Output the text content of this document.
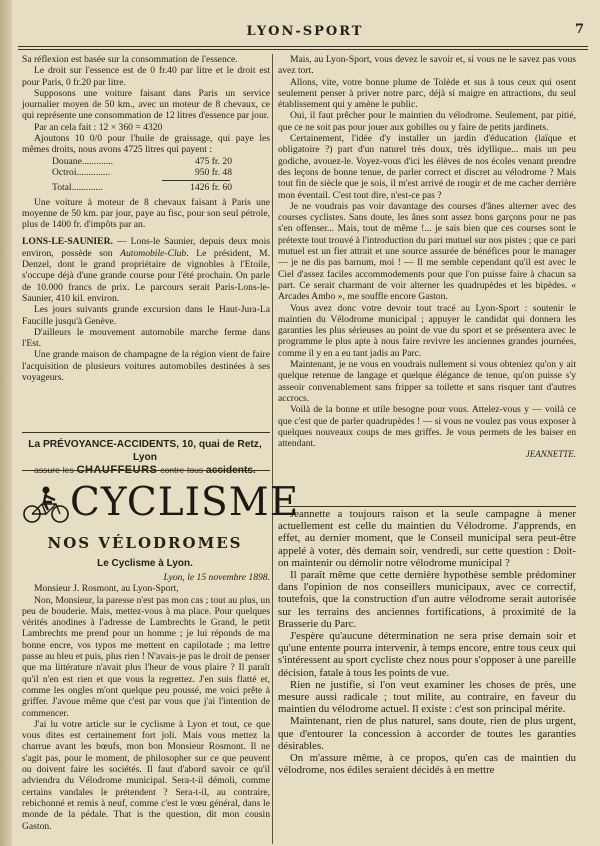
LYON-SPORT	7

Sa réflexion est basée sur la consommation de l'essence.

Le droit sur l'essence est de 0 fr.40 par litre et le droit est pour Paris, 0 fr.20 par litre.

Supposons une voiture faisant dans Paris un service journalier moyen de 50 km., avec un moteur de 8 chevaux, ce qui représente une consommation de 12 litres d'essence par jour.

Par an cela fait : 12 × 360 = 4320

Ajoutons 10 0/0 pour l'huile de graissage, qui paye les mêmes droits, nous avons 4725 litres qui payent :

Douane.............	475 fr. 20
Octroi..............	950 fr. 48
Total.............	1426 fr. 60

Une voiture à moteur de 8 chevaux faisant à Paris une moyenne de 50 km. par jour, paye au fisc, pour son seul pétrole, plus de 1400 fr. d'impôts par an.

LONS-LE-SAUNIER. — Lons-le Saunier, depuis deux mois environ, possède son Automobile-Club. Le président, M. Denzel, dont le grand propriétaire de vignobles à l'Etoile, s'occupe déjà d'une grande course pour l'été prochain. On parle de 10.000 francs de prix. Le parcours serait Paris-Lons-le-Saunier, 410 kil. environ.

Les jours suivants grande excursion dans le Haut-Jura-La Faucille jusqu'à Genève.

D'ailleurs le mouvement automobile marche ferme dans l'Est.

Une grande maison de champagne de la région vient de faire l'acquisition de plusieurs voitures automobiles destinées à ses voyageurs.

La PRÉVOYANCE-ACCIDENTS, 10, quai de Retz, Lyon
assure les CHAUFFEURS contre tous accidents.
CYCLISME
NOS VÉLODROMES
Le Cyclisme à Lyon.
Lyon, le 15 novembre 1898.

Monsieur J. Rosmont, au Lyon-Sport,

Non, Monsieur, la paresse n'est pas mon cas ; tout au plus, un peu de bouderie. Mais, mettez-vous à ma place. Pour quelques vérités anodines à l'adresse de Lambrechts le Grand, le petit Lambrechts me prend pour un homme ; je lui réponds de ma bonne encre, vos typos me mettent en capilotade ; ma lettre passe au bleu et puis, plus rien ! N'avais-je pas le droit de penser que ma littérature n'avait plus l'heur de vous plaire ? Il paraît qu'il n'en est rien et que vous la regrettez. J'en suis flatté et, comme les ongles m'ont quelque peu poussé, me voici prête à griffer. J'avoue même que c'est par vous que j'ai l'intention de commencer.

J'ai lu votre article sur le cyclisme à Lyon et tout, ce que vous dites est certainement fort joli. Mais vous mettez la charrue avant les bœufs, mon bon Monsieur Rosmont. Il ne s'agit pas, pour le moment, de philosopher sur ce que peuvent ou doivent faire les sociétés. Il faut d'abord savoir ce qu'il adviendra du Vélodrome municipal. Sera-t-il démoli, comme certains vandales le prétendent ? Sera-t-il, au contraire, rebichonné et remis à neuf, comme c'est le vœu général, dans le monde de la pédale. That is the question, dit mon cousin Gaston.

Mais, au Lyon-Sport, vous devez le savoir et, si vous ne le savez pas vous avez tort.

Allons, vite, votre bonne plume de Tolède et sus à tous ceux qui osent seulement penser à priver notre parc, déjà si maigre en attractions, du seul établissement qui y amène le public.

Oui, il faut prêcher pour le maintien du vélodrome. Seulement, par pitié, que ce ne soit pas pour jouer aux gobilles ou y faire de petits jardinets.

Certainement, l'idée d'y installer un jardin d'éducation (laïque et obligatoire ?) part d'un naturel très doux, très idyllique... mais un peu godiche, avouez-le. Voyez-vous d'ici les élèves de nos écoles venant prendre des leçons de bonne tenue, de parler correct et discret au vélodrome ? Mais tout fin de siècle que je sois, il m'est arrivé de rougir et de me cacher derrière mon éventail. C'est tout dire, n'est-ce pas ?

Je ne voudrais pas voir davantage des courses d'ânes alterner avec des courses cyclistes. Sans doute, les ânes sont assez bons garçons pour ne pas s'en offenser... Mais, tout de même !... je sais bien que ces courses sont le prétexte tout trouvé à l'introduction du pari mutuel sur nos pistes ; que ce pari mutuel est un fier attrait et une source assurée de bénéfices pour le manager — je ne dis pas barnum, moi ! — Il me semble cependant qu'il est avec le Ciel d'assez faciles accommodements pour que l'on puisse faire à chacun sa part. Ce serait charmant de voir alterner les quadrupèdes et les bipèdes. « Arcades Ambo », me souffle encore Gaston.

Vous avez donc votre devoir tout tracé au Lyon-Sport : soutenir le maintien du Vélodrome municipal ; appuyer le candidat qui donnera les garanties les plus sérieuses au point de vue du sport et se présentera avec le programme le plus apte à nous faire revivre les anciennes grandes journées, comme il y en a eu tant jadis au Parc.

Maintenant, je ne vous en voudrais nullement si vous obteniez qu'on y ait quelque retenue de langage et quelque élégance de tenue, qu'on puisse s'y asseoir convenablement sans fripper sa toilette et sans risquer tant d'autres accrocs.

Voilà de la bonne et utile besogne pour vous. Attelez-vous y — voilà ce que c'est que de parler quadrupèdes ! — si vous ne voulez pas vous exposer à quelques nouveaux coups de mes griffes. Je vous permets de les baiser en attendant.

JEANNETTE.

Jeannette a toujours raison et la seule campagne à mener actuellement est celle du maintien du Vélodrome. J'apprends, en effet, au dernier moment, que le Conseil municipal sera peut-être appelé à voter, dès demain soir, vendredi, sur cette question : Doit-on maintenir ou démolir notre vélodrome municipal ?

Il paraît même que cette dernière hypothèse semble prédominer dans l'opinion de nos conseillers municipaux, avec ce correctif, toutefois, que la construction d'un autre vélodrome serait autorisée sur les terrains des anciennes fortifications, à proximité de la Brasserie du Parc.

J'espère qu'aucune détermination ne sera prise demain soir et qu'une entente pourra intervenir, à temps encore, entre tous ceux qui s'intéressent au sport cycliste chez nous pour s'opposer à une pareille décision, fatale à tous les points de vue.

Rien ne justifie, si l'on veut examiner les choses de près, une mesure aussi radicale ; tout milite, au contraire, en faveur du maintien du vélodrome actuel. Il existe : c'est son principal mérite.

Maintenant, rien de plus naturel, sans doute, rien de plus urgent, que d'entourer la concession à accorder de toutes les garanties désirables.

On m'assure même, à ce propos, qu'en cas de maintien du vélodrome, nos édiles seraient décidés à en mettre
